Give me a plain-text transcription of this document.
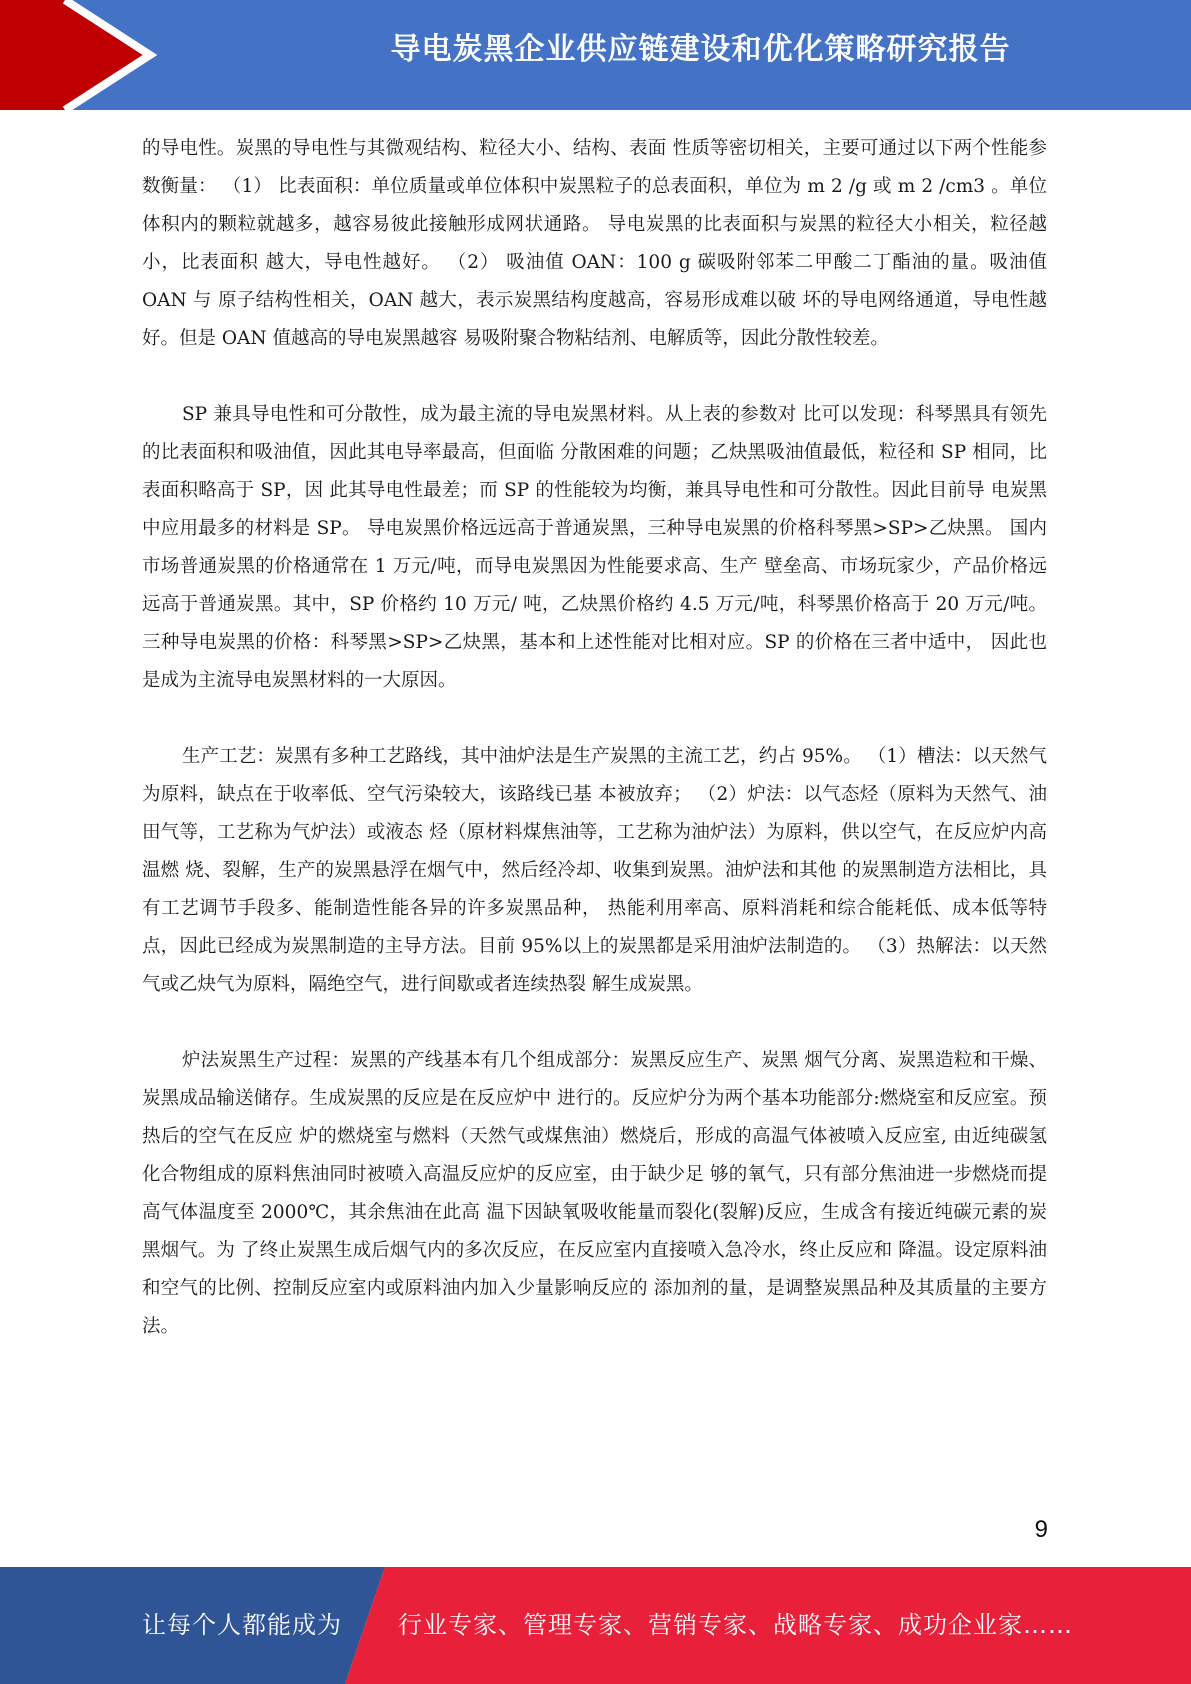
导电炭黑企业供应链建设和优化策略研究报告

的导电性。炭黑的导电性与其微观结构、粒径大小、结构、表面 性质等密切相关，主要可通过以下两个性能参数衡量： （1） 比表面积：单位质量或单位体积中炭黑粒子的总表面积，单位为 m 2 /g 或 m 2 /cm3 。单位体积内的颗粒就越多，越容易彼此接触形成网状通路。 导电炭黑的比表面积与炭黑的粒径大小相关，粒径越小，比表面积 越大，导电性越好。 （2） 吸油值 OAN：100 g 碳吸附邻苯二甲酸二丁酯油的量。吸油值 OAN 与 原子结构性相关，OAN 越大，表示炭黑结构度越高，容易形成难以破 坏的导电网络通道，导电性越好。但是 OAN 值越高的导电炭黑越容 易吸附聚合物粘结剂、电解质等，因此分散性较差。

SP 兼具导电性和可分散性，成为最主流的导电炭黑材料。从上表的参数对 比可以发现：科琴黑具有领先的比表面积和吸油值，因此其电导率最高，但面临 分散困难的问题；乙炔黑吸油值最低，粒径和 SP 相同，比表面积略高于 SP，因 此其导电性最差；而 SP 的性能较为均衡，兼具导电性和可分散性。因此目前导 电炭黑中应用最多的材料是 SP。 导电炭黑价格远远高于普通炭黑，三种导电炭黑的价格科琴黑>SP>乙炔黑。 国内市场普通炭黑的价格通常在 1 万元/吨，而导电炭黑因为性能要求高、生产 壁垒高、市场玩家少，产品价格远远高于普通炭黑。其中，SP 价格约 10 万元/ 吨，乙炔黑价格约 4.5 万元/吨，科琴黑价格高于 20 万元/吨。三种导电炭黑的价格：科琴黑>SP>乙炔黑，基本和上述性能对比相对应。SP 的价格在三者中适中， 因此也是成为主流导电炭黑材料的一大原因。

生产工艺：炭黑有多种工艺路线，其中油炉法是生产炭黑的主流工艺，约占 95%。 （1）槽法：以天然气为原料，缺点在于收率低、空气污染较大，该路线已基 本被放弃； （2）炉法：以气态烃（原料为天然气、油田气等，工艺称为气炉法）或液态 烃（原材料煤焦油等，工艺称为油炉法）为原料，供以空气，在反应炉内高温燃 烧、裂解，生产的炭黑悬浮在烟气中，然后经冷却、收集到炭黑。油炉法和其他 的炭黑制造方法相比，具有工艺调节手段多、能制造性能各异的许多炭黑品种， 热能利用率高、原料消耗和综合能耗低、成本低等特点，因此已经成为炭黑制造的主导方法。目前 95%以上的炭黑都是采用油炉法制造的。 （3）热解法：以天然气或乙炔气为原料，隔绝空气，进行间歇或者连续热裂 解生成炭黑。

炉法炭黑生产过程：炭黑的产线基本有几个组成部分：炭黑反应生产、炭黑 烟气分离、炭黑造粒和干燥、炭黑成品输送储存。生成炭黑的反应是在反应炉中 进行的。反应炉分为两个基本功能部分:燃烧室和反应室。预热后的空气在反应 炉的燃烧室与燃料（天然气或煤焦油）燃烧后，形成的高温气体被喷入反应室, 由近纯碳氢化合物组成的原料焦油同时被喷入高温反应炉的反应室，由于缺少足 够的氧气，只有部分焦油进一步燃烧而提高气体温度至 2000℃，其余焦油在此高 温下因缺氧吸收能量而裂化(裂解)反应，生成含有接近纯碳元素的炭黑烟气。为 了终止炭黑生成后烟气内的多次反应，在反应室内直接喷入急冷水，终止反应和 降温。设定原料油和空气的比例、控制反应室内或原料油内加入少量影响反应的 添加剂的量，是调整炭黑品种及其质量的主要方法。

9
让每个人都能成为 行业专家、管理专家、营销专家、战略专家、成功企业家……
